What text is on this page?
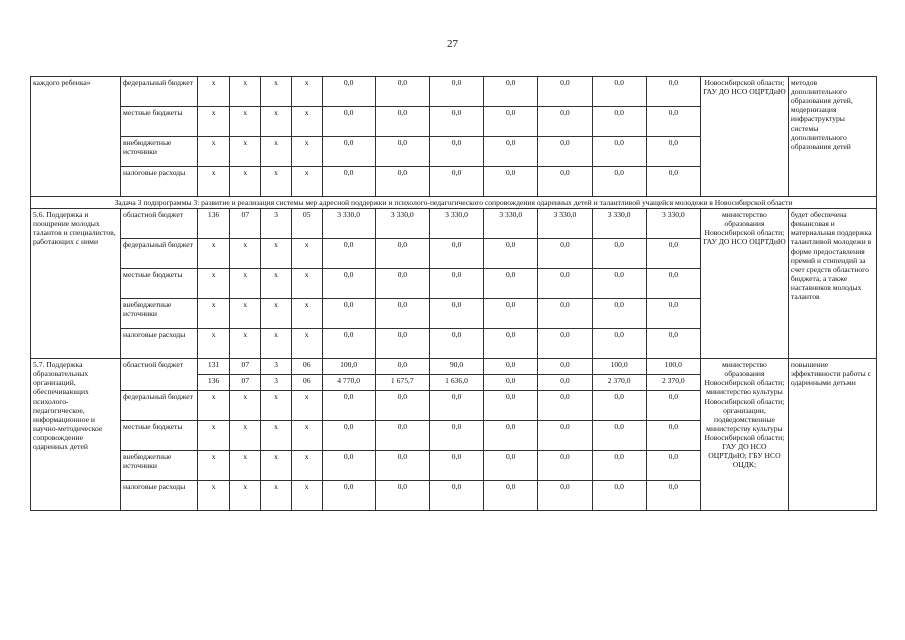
27
каждого ребенка»	федеральный бюджет	x	x	x	x	0,0	0,0	0,0	0,0	0,0	0,0	0,0	Новосибирской области; ГАУ ДО НСО ОЦРТДиЮ	методов дополнительного образования детей, модернизация инфраструктуры системы дополнительного образования детей
	местные бюджеты	x	x	x	x	0,0	0,0	0,0	0,0	0,0	0,0	0,0		
	внебюджетные источники	x	x	x	x	0,0	0,0	0,0	0,0	0,0	0,0	0,0		
	налоговые расходы	x	x	x	x	0,0	0,0	0,0	0,0	0,0	0,0	0,0		
Задача 3 подпрограммы 3: развитие и реализация системы мер адресной поддержки и психолого-педагогического сопровождения одаренных детей и талантливой учащейся молодежи в Новосибирской области														
5.6. Поддержка и поощрение молодых талантов и специалистов, работающих с ними	областной бюджет	136	07	3	05	3 330,0	3 330,0	3 330,0	3 330,0	3 330,0	3 330,0	3 330,0	министерство образования Новосибирской области; ГАУ ДО НСО ОЦРТДиЮ	будет обеспечена финансовая и материальная поддержка талантливой молодежи в форме предоставления премий и стипендий за счет средств областного бюджета, а также наставников молодых талантов
	федеральный бюджет	x	x	x	x	0,0	0,0	0,0	0,0	0,0	0,0	0,0		
	местные бюджеты	x	x	x	x	0,0	0,0	0,0	0,0	0,0	0,0	0,0		
	внебюджетные источники	x	x	x	x	0,0	0,0	0,0	0,0	0,0	0,0	0,0		
	налоговые расходы	x	x	x	x	0,0	0,0	0,0	0,0	0,0	0,0	0,0		
5.7. Поддержка образовательных организаций, обеспечивающих психолого-педагогическое, информационное и научно-методическое сопровождение одаренных детей	областной бюджет	131	07	3	06	100,0	0,0	90,0	0,0	0,0	100,0	100,0	министерство образования Новосибирской области; министерство культуры Новосибирской области; организации, подведомственные министерству культуры Новосибирской области; ГАУ ДО НСО ОЦРТДиЮ; ГБУ НСО ОЦДК;	повышение эффективности работы с одаренными детьми
		136	07	3	06	4 770,0	1 675,7	1 636,0	0,0	0,0	2 370,0	2 370,0		
	федеральный бюджет	x	x	x	x	0,0	0,0	0,0	0,0	0,0	0,0	0,0		
	местные бюджеты	x	x	x	x	0,0	0,0	0,0	0,0	0,0	0,0	0,0		
	внебюджетные источники	x	x	x	x	0,0	0,0	0,0	0,0	0,0	0,0	0,0		
	налоговые расходы	x	x	x	x	0,0	0,0	0,0	0,0	0,0	0,0	0,0		
